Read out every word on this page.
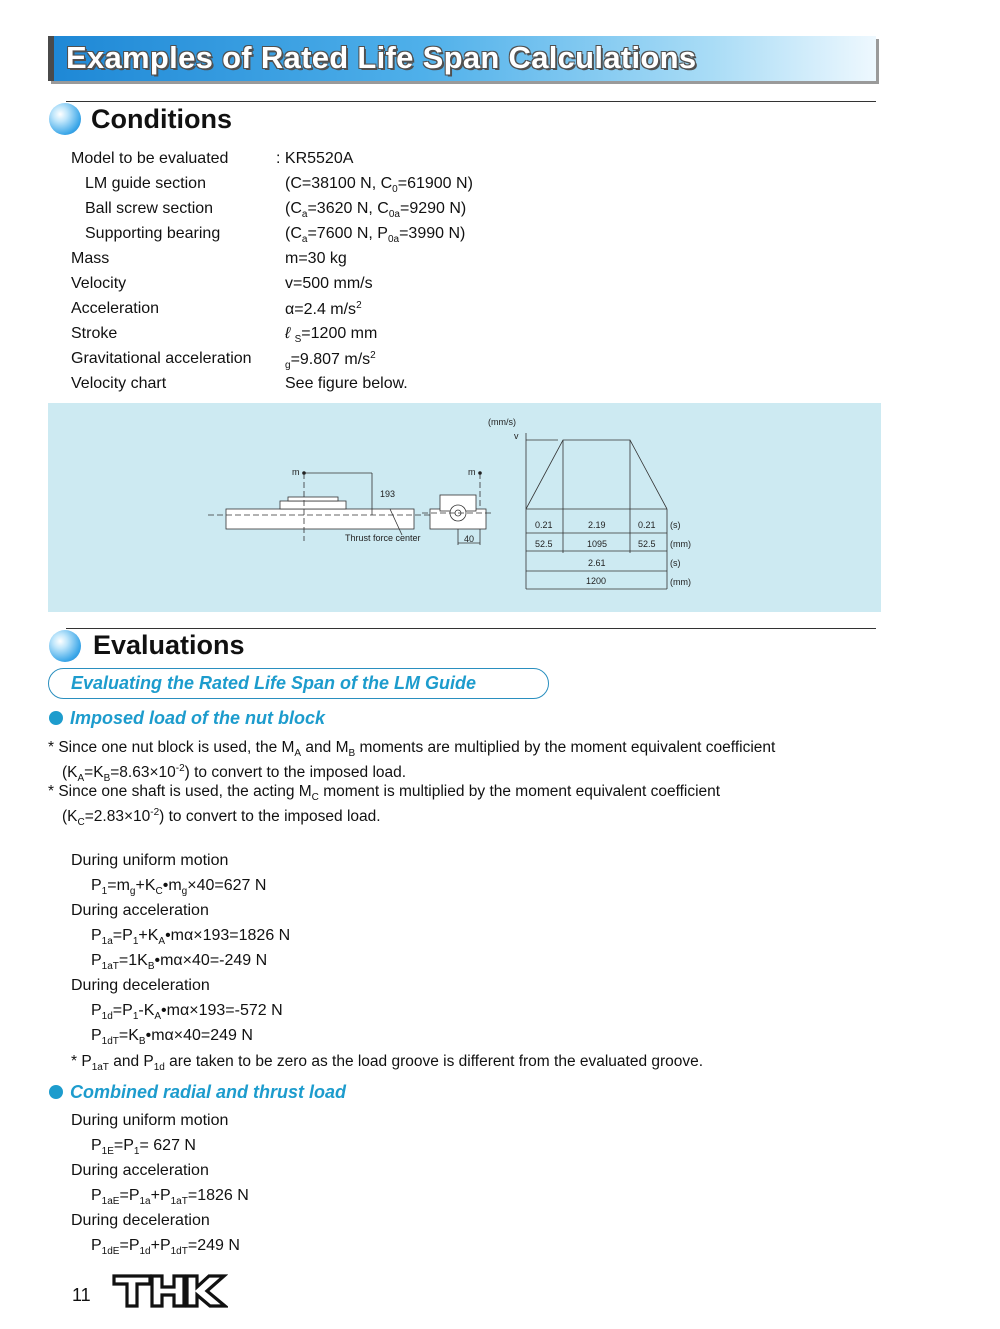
Examples of Rated Life Span Calculations
Conditions
Model to be evaluated	: KR5520A
LM guide section	(C=38100 N, $C_0=61900$ N)
Ball screw section	($C_a=3620$ N, $C_{0a}=9290$ N)
Supporting bearing	($C_a=7600$ N, $P_{0a}=3990$ N)
Mass	m=30 kg
Velocity	v=500 mm/s
Acceleration	α=2.4 $m/s^2$
Stroke	ℓ $_S$=1200 mm
Gravitational acceleration	$_g$=9.807 $m/s^2$
Velocity chart	See figure below.
m
193
Thrust force center
m
40
(mm/s)
v
0.21	2.19	0.21 (s)
52.5	1095	52.5 (mm)
2.61	(s)
1200	(mm)
Evaluations
Evaluating the Rated Life Span of the LM Guide
Imposed load of the nut block
* Since one nut block is used, the $M_A$ and $M_B$ moments are multiplied by the moment equivalent coefficient
$(K_A=K_B=8.63\times 10^{-2})$ to convert to the imposed load.
* Since one shaft is used, the acting $M_C$ moment is multiplied by the moment equivalent coefficient
$(K_C=2.83\times 10^{-2})$ to convert to the imposed load.
During uniform motion
$P_1=m_g+K_C•m_g\times 40=627$ N
During acceleration
$P_{1a}=P_1+K_A•m\alpha\times 193=1826$ N
$P_{1aT}=1K_B•m\alpha\times 40=-249$ N
During deceleration
$P_{1d}=P_1-K_A•m\alpha\times 193=-572$ N
$P_{1dT}=K_B•m\alpha\times 40=249$ N
* $P_{1aT}$ and $P_{1d}$ are taken to be zero as the load groove is different from the evaluated groove.
Combined radial and thrust load
During uniform motion
$P_{1E}=P_1= 627$ N
During acceleration
$P_{1aE}=P_{1a}+P_{1aT}=1826$ N
During deceleration
$P_{1dE}=P_{1d}+P_{1dT}=249$ N
11
